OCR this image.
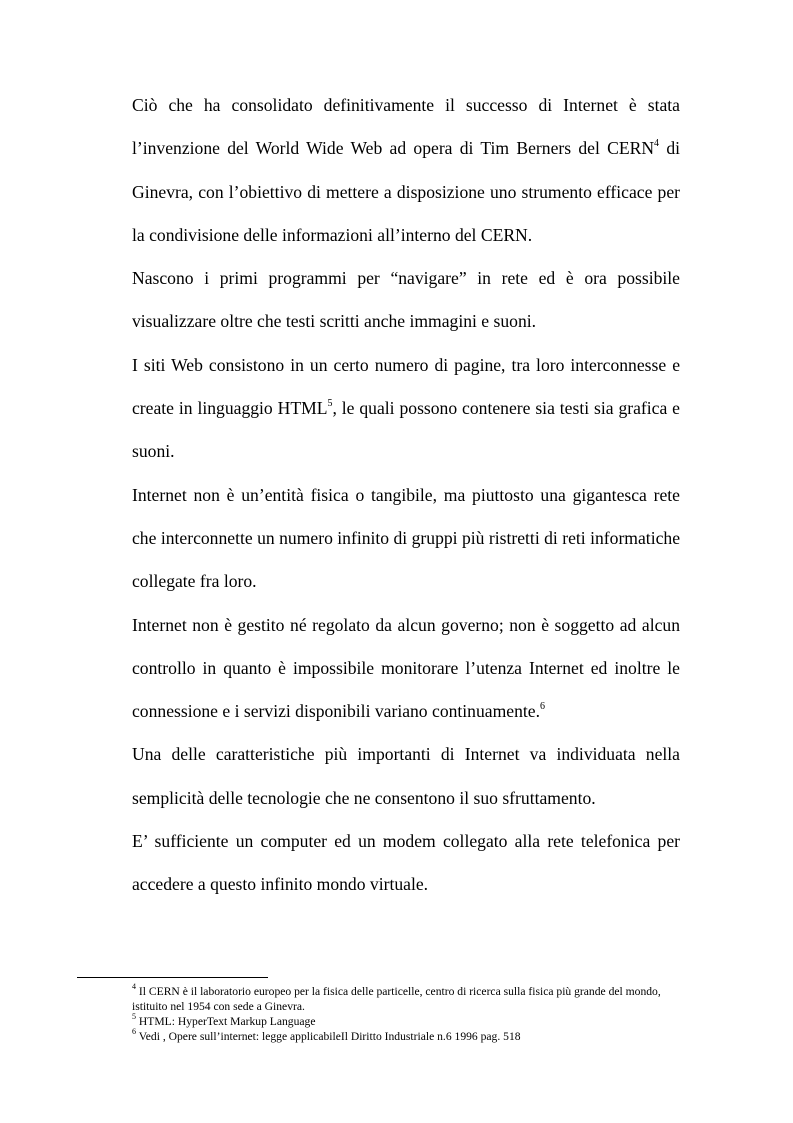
Ciò che ha consolidato definitivamente il successo di Internet è stata l’invenzione del World Wide Web ad opera di Tim Berners del CERN$^4$ di Ginevra, con l’obiettivo di mettere a disposizione uno strumento efficace per la condivisione delle informazioni all’interno del CERN.

Nascono i primi programmi per “navigare” in rete ed è ora possibile visualizzare oltre che testi scritti anche immagini e suoni.

I siti Web consistono in un certo numero di pagine, tra loro interconnesse e create in linguaggio HTML$^5$, le quali possono contenere sia testi sia grafica e suoni.

Internet non è un’entità fisica o tangibile, ma piuttosto una gigantesca rete che interconnette un numero infinito di gruppi più ristretti di reti informatiche collegate fra loro.

Internet non è gestito né regolato da alcun governo; non è soggetto ad alcun controllo in quanto è impossibile monitorare l’utenza Internet ed inoltre le connessione e i servizi disponibili variano continuamente.$^6$

Una delle caratteristiche più importanti di Internet va individuata nella semplicità delle tecnologie che ne consentono il suo sfruttamento.

E’ sufficiente un computer ed un modem collegato alla rete telefonica per accedere a questo infinito mondo virtuale.

$^4$ Il CERN è il laboratorio europeo per la fisica delle particelle, centro di ricerca sulla fisica più grande del mondo, istituito nel 1954 con sede a Ginevra.

$^5$ HTML: HyperText Markup Language

$^6$ Vedi , Opere sull’internet: legge applicabileIl Diritto Industriale n.6 1996 pag. 518
